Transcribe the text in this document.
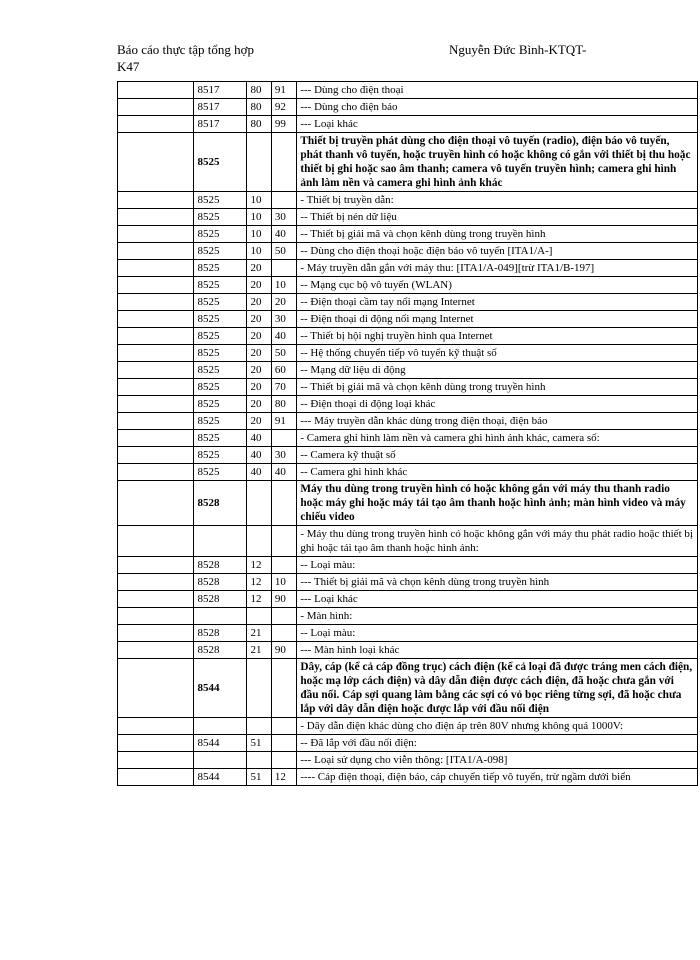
Báo cáo thực tập tổng hợp	Nguyễn Đức Bình-KTQT-
K47
	8517	80	91	--- Dùng cho điện thoại
	8517	80	92	--- Dùng cho điện báo
	8517	80	99	--- Loại khác
	8525			Thiết bị truyền phát dùng cho điện thoại vô tuyến (radio), điện báo vô tuyến, phát thanh vô tuyến, hoặc truyền hình có hoặc không có gắn với thiết bị thu hoặc thiết bị ghi hoặc sao âm thanh; camera vô tuyến truyền hình; camera ghi hình ảnh làm nền và camera ghi hình ảnh khác
	8525	10		- Thiết bị truyền dẫn:
	8525	10	30	-- Thiết bị nén dữ liệu
	8525	10	40	-- Thiết bị giải mã và chọn kênh dùng trong truyền hình
	8525	10	50	-- Dùng cho điện thoại hoặc điện báo vô tuyến [ITA1/A-]
	8525	20		- Máy truyền dẫn gắn với máy thu: [ITA1/A-049][trừ ITA1/B-197]
	8525	20	10	-- Mạng cục bộ vô tuyến (WLAN)
	8525	20	20	-- Điện thoại cầm tay nối mạng Internet
	8525	20	30	-- Điện thoại di động nối mạng Internet
	8525	20	40	-- Thiết bị hội nghị truyền hình qua Internet
	8525	20	50	-- Hệ thống chuyển tiếp vô tuyến kỹ thuật số
	8525	20	60	-- Mạng dữ liệu di động
	8525	20	70	-- Thiết bị giải mã và chọn kênh dùng trong truyền hình
	8525	20	80	-- Điện thoại di động loại khác
	8525	20	91	--- Máy truyền dẫn khác dùng trong điện thoại, điện báo
	8525	40		- Camera ghi hình làm nền và camera ghi hình ảnh khác, camera số:
	8525	40	30	-- Camera kỹ thuật số
	8525	40	40	-- Camera ghi hình khác
	8528			Máy thu dùng trong truyền hình có hoặc không gắn với máy thu thanh radio hoặc máy ghi hoặc máy tái tạo âm thanh hoặc hình ảnh; màn hình video và máy chiếu video
				- Máy thu dùng trong truyền hình có hoặc không gắn với máy thu phát radio hoặc thiết bị ghi hoặc tái tạo âm thanh hoặc hình ảnh:
	8528	12		-- Loại màu:
	8528	12	10	--- Thiết bị giải mã và chọn kênh dùng trong truyền hình
	8528	12	90	--- Loại khác
				- Màn hình:
	8528	21		-- Loại màu:
	8528	21	90	--- Màn hình loại khác
	8544			Dây, cáp (kể cả cáp đồng trục) cách điện (kể cả loại đã được tráng men cách điện, hoặc mạ lớp cách điện) và dây dẫn điện được cách điện, đã hoặc chưa gắn với đầu nối. Cáp sợi quang làm bằng các sợi có vỏ bọc riêng từng sợi, đã hoặc chưa lắp với dây dẫn điện hoặc được lắp với đầu nối điện
				- Dây dẫn điện khác dùng cho điện áp trên 80V nhưng không quá 1000V:
	8544	51		-- Đã lắp với đầu nối điện:
				--- Loại sử dụng cho viễn thông: [ITA1/A-098]
	8544	51	12	---- Cáp điện thoại, điện báo, cáp chuyển tiếp vô tuyến, trừ ngầm dưới biển
